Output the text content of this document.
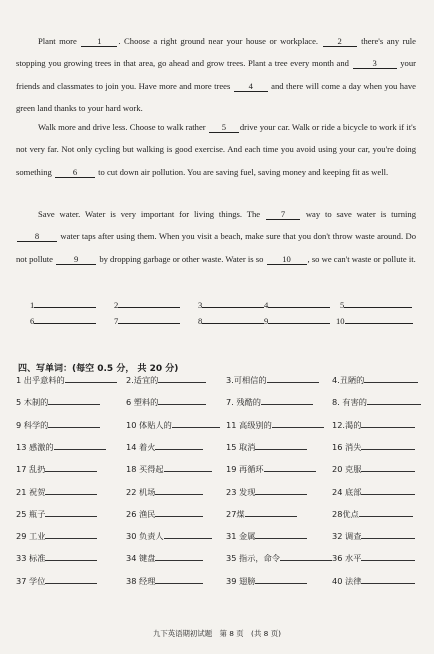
Plant more 1 . Choose a right ground near your house or workplace. 2 there's any rule stopping you growing trees in that area, go ahead and grow trees. Plant a tree every month and	3	your friends and classmates to join you. Have more and more trees 4 and there will come a day when you have green land thanks to your hard work.
Walk more and drive less. Choose to walk rather 5 drive your car. Walk or ride a bicycle to work if it's not very far. Not only cycling but walking is good exercise. And each time you avoid using your car, you're doing something 6 to cut down air pollution. You are saving fuel, saving money and keeping fit as well.
Save water. Water is very important for living things. The 7 way to save water is turning 8 water taps after using them. When you visit a beach, make sure that you don't throw waste around. Do not pollute 9 by dropping garbage or other waste. Water is so 10 , so we can't waste or pollute it.
1	2	3	4	5
6	7	8	9	10
四、写单词：(每空 0.5 分， 共 20 分)
1 出乎意料的	2.适宜的	3.可相信的	4.丑陋的
5 木制的	6 塑料的	7. 残酷的	8. 有害的
9 科学的	10 体贴人的	11 高级别的	12.渴的
13 感激的	14 着火	15 取消	16 消失
17 乱扔	18 买得起	19 再循环	20 克服
21 祝贺	22 机场	23 发现	24 底部
25 瓶子	26 渔民	27煤	28优点
29 工业	30 负责人	31 金属	32 调查
33 标准	34 键盘	35 指示，命令	36 水平
37 学位	38 经理	39 翅膀	40 法律
九下英语期初试题　第 8 页　(共 8 页)
